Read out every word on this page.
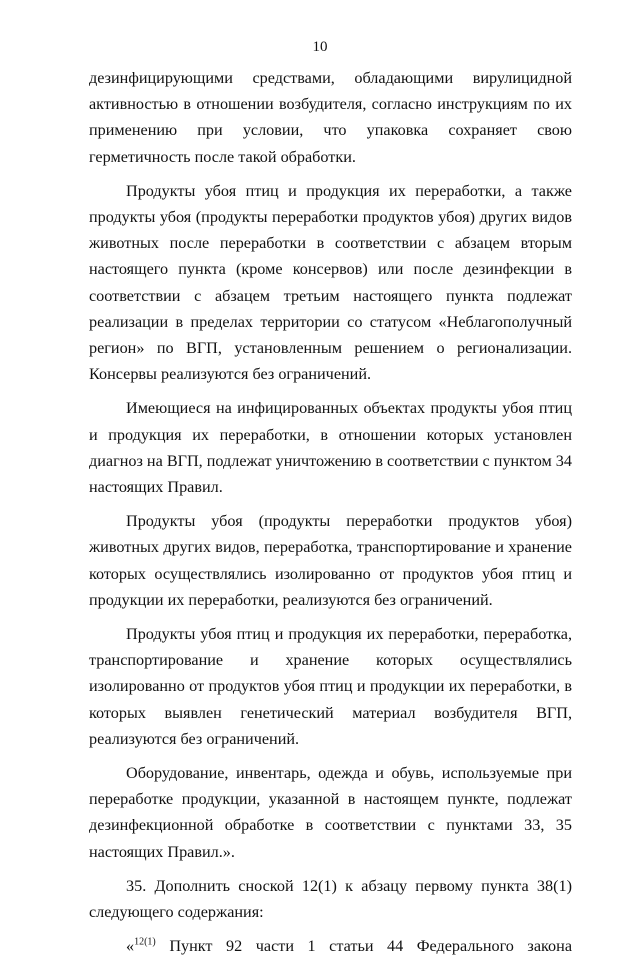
10

дезинфицирующими средствами, обладающими вирулицидной активностью в отношении возбудителя, согласно инструкциям по их применению при условии, что упаковка сохраняет свою герметичность после такой обработки.

Продукты убоя птиц и продукция их переработки, а также продукты убоя (продукты переработки продуктов убоя) других видов животных после переработки в соответствии с абзацем вторым настоящего пункта (кроме консервов) или после дезинфекции в соответствии с абзацем третьим настоящего пункта подлежат реализации в пределах территории со статусом «Неблагополучный регион» по ВГП, установленным решением о регионализации. Консервы реализуются без ограничений.

Имеющиеся на инфицированных объектах продукты убоя птиц и продукция их переработки, в отношении которых установлен диагноз на ВГП, подлежат уничтожению в соответствии с пунктом 34 настоящих Правил.

Продукты убоя (продукты переработки продуктов убоя) животных других видов, переработка, транспортирование и хранение которых осуществлялись изолированно от продуктов убоя птиц и продукции их переработки, реализуются без ограничений.

Продукты убоя птиц и продукция их переработки, переработка, транспортирование и хранение которых осуществлялись изолированно от продуктов убоя птиц и продукции их переработки, в которых выявлен генетический материал возбудителя ВГП, реализуются без ограничений.

Оборудование, инвентарь, одежда и обувь, используемые при переработке продукции, указанной в настоящем пункте, подлежат дезинфекционной обработке в соответствии с пунктами 33, 35 настоящих Правил.».

35. Дополнить сноской 12(1) к абзацу первому пункта 38(1) следующего содержания:

«$^{12(1)}$ Пункт 92 части 1 статьи 44 Федерального закона
